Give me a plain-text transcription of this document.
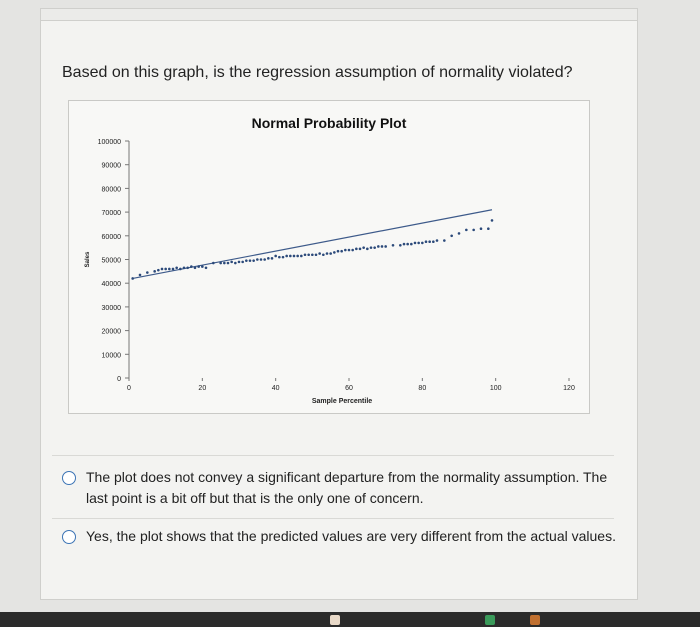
Based on this graph, is the regression assumption of normality violated?
Normal Probability Plot
0
10000
20000
30000
40000
50000
60000
70000
80000
90000
100000
0	20	40	60	80	100	120
Sample Percentile
Sales
The plot does not convey a significant departure from the normality assumption. The last point is a bit off but that is the only one of concern.
Yes, the plot shows that the predicted values are very different from the actual values.
